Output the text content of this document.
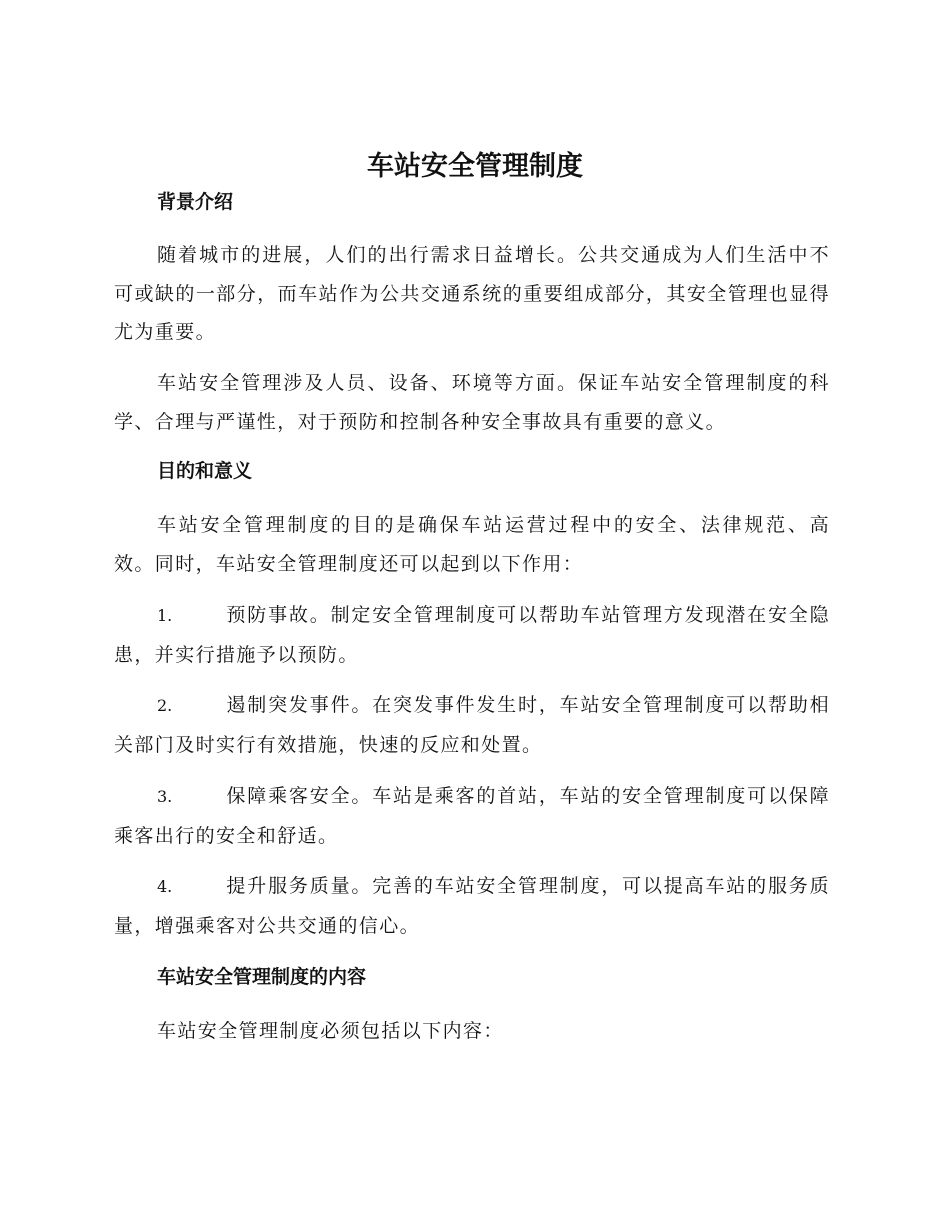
车站安全管理制度
背景介绍

随着城市的进展，人们的出行需求日益增长。公共交通成为人们生活中不可或缺的一部分，而车站作为公共交通系统的重要组成部分，其安全管理也显得尤为重要。

车站安全管理涉及人员、设备、环境等方面。保证车站安全管理制度的科学、合理与严谨性，对于预防和控制各种安全事故具有重要的意义。

目的和意义

车站安全管理制度的目的是确保车站运营过程中的安全、法律规范、高效。同时，车站安全管理制度还可以起到以下作用：

1.	预防事故。制定安全管理制度可以帮助车站管理方发现潜在安全隐患，并实行措施予以预防。
2.	遏制突发事件。在突发事件发生时，车站安全管理制度可以帮助相关部门及时实行有效措施，快速的反应和处置。
3.	保障乘客安全。车站是乘客的首站，车站的安全管理制度可以保障乘客出行的安全和舒适。
4.	提升服务质量。完善的车站安全管理制度，可以提高车站的服务质量，增强乘客对公共交通的信心。
车站安全管理制度的内容

车站安全管理制度必须包括以下内容：
